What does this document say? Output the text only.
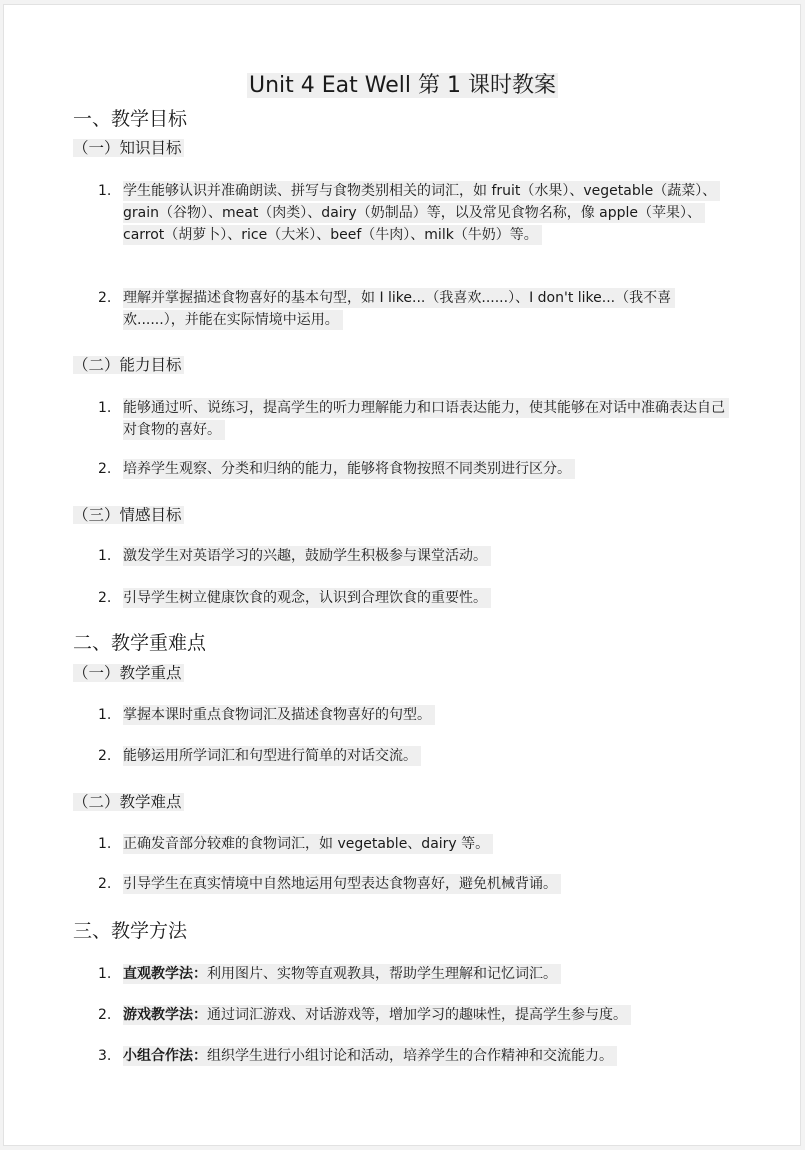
Unit 4 Eat Well 第 1 课时教案
一、教学目标
（一）知识目标
1. 学生能够认识并准确朗读、拼写与食物类别相关的词汇，如 fruit（水果）、vegetable（蔬菜）、grain（谷物）、meat（肉类）、dairy（奶制品）等，以及常见食物名称，像 apple（苹果）、carrot（胡萝卜）、rice（大米）、beef（牛肉）、milk（牛奶）等。
2. 理解并掌握描述食物喜好的基本句型，如 I like...（我喜欢......）、I don't like...（我不喜欢......），并能在实际情境中运用。
（二）能力目标
1. 能够通过听、说练习，提高学生的听力理解能力和口语表达能力，使其能够在对话中准确表达自己对食物的喜好。
2. 培养学生观察、分类和归纳的能力，能够将食物按照不同类别进行区分。
（三）情感目标
1. 激发学生对英语学习的兴趣，鼓励学生积极参与课堂活动。
2. 引导学生树立健康饮食的观念，认识到合理饮食的重要性。
二、教学重难点
（一）教学重点
1. 掌握本课时重点食物词汇及描述食物喜好的句型。
2. 能够运用所学词汇和句型进行简单的对话交流。
（二）教学难点
1. 正确发音部分较难的食物词汇，如 vegetable、dairy 等。
2. 引导学生在真实情境中自然地运用句型表达食物喜好，避免机械背诵。
三、教学方法
1. 直观教学法：利用图片、实物等直观教具，帮助学生理解和记忆词汇。
2. 游戏教学法：通过词汇游戏、对话游戏等，增加学习的趣味性，提高学生参与度。
3. 小组合作法：组织学生进行小组讨论和活动，培养学生的合作精神和交流能力。
